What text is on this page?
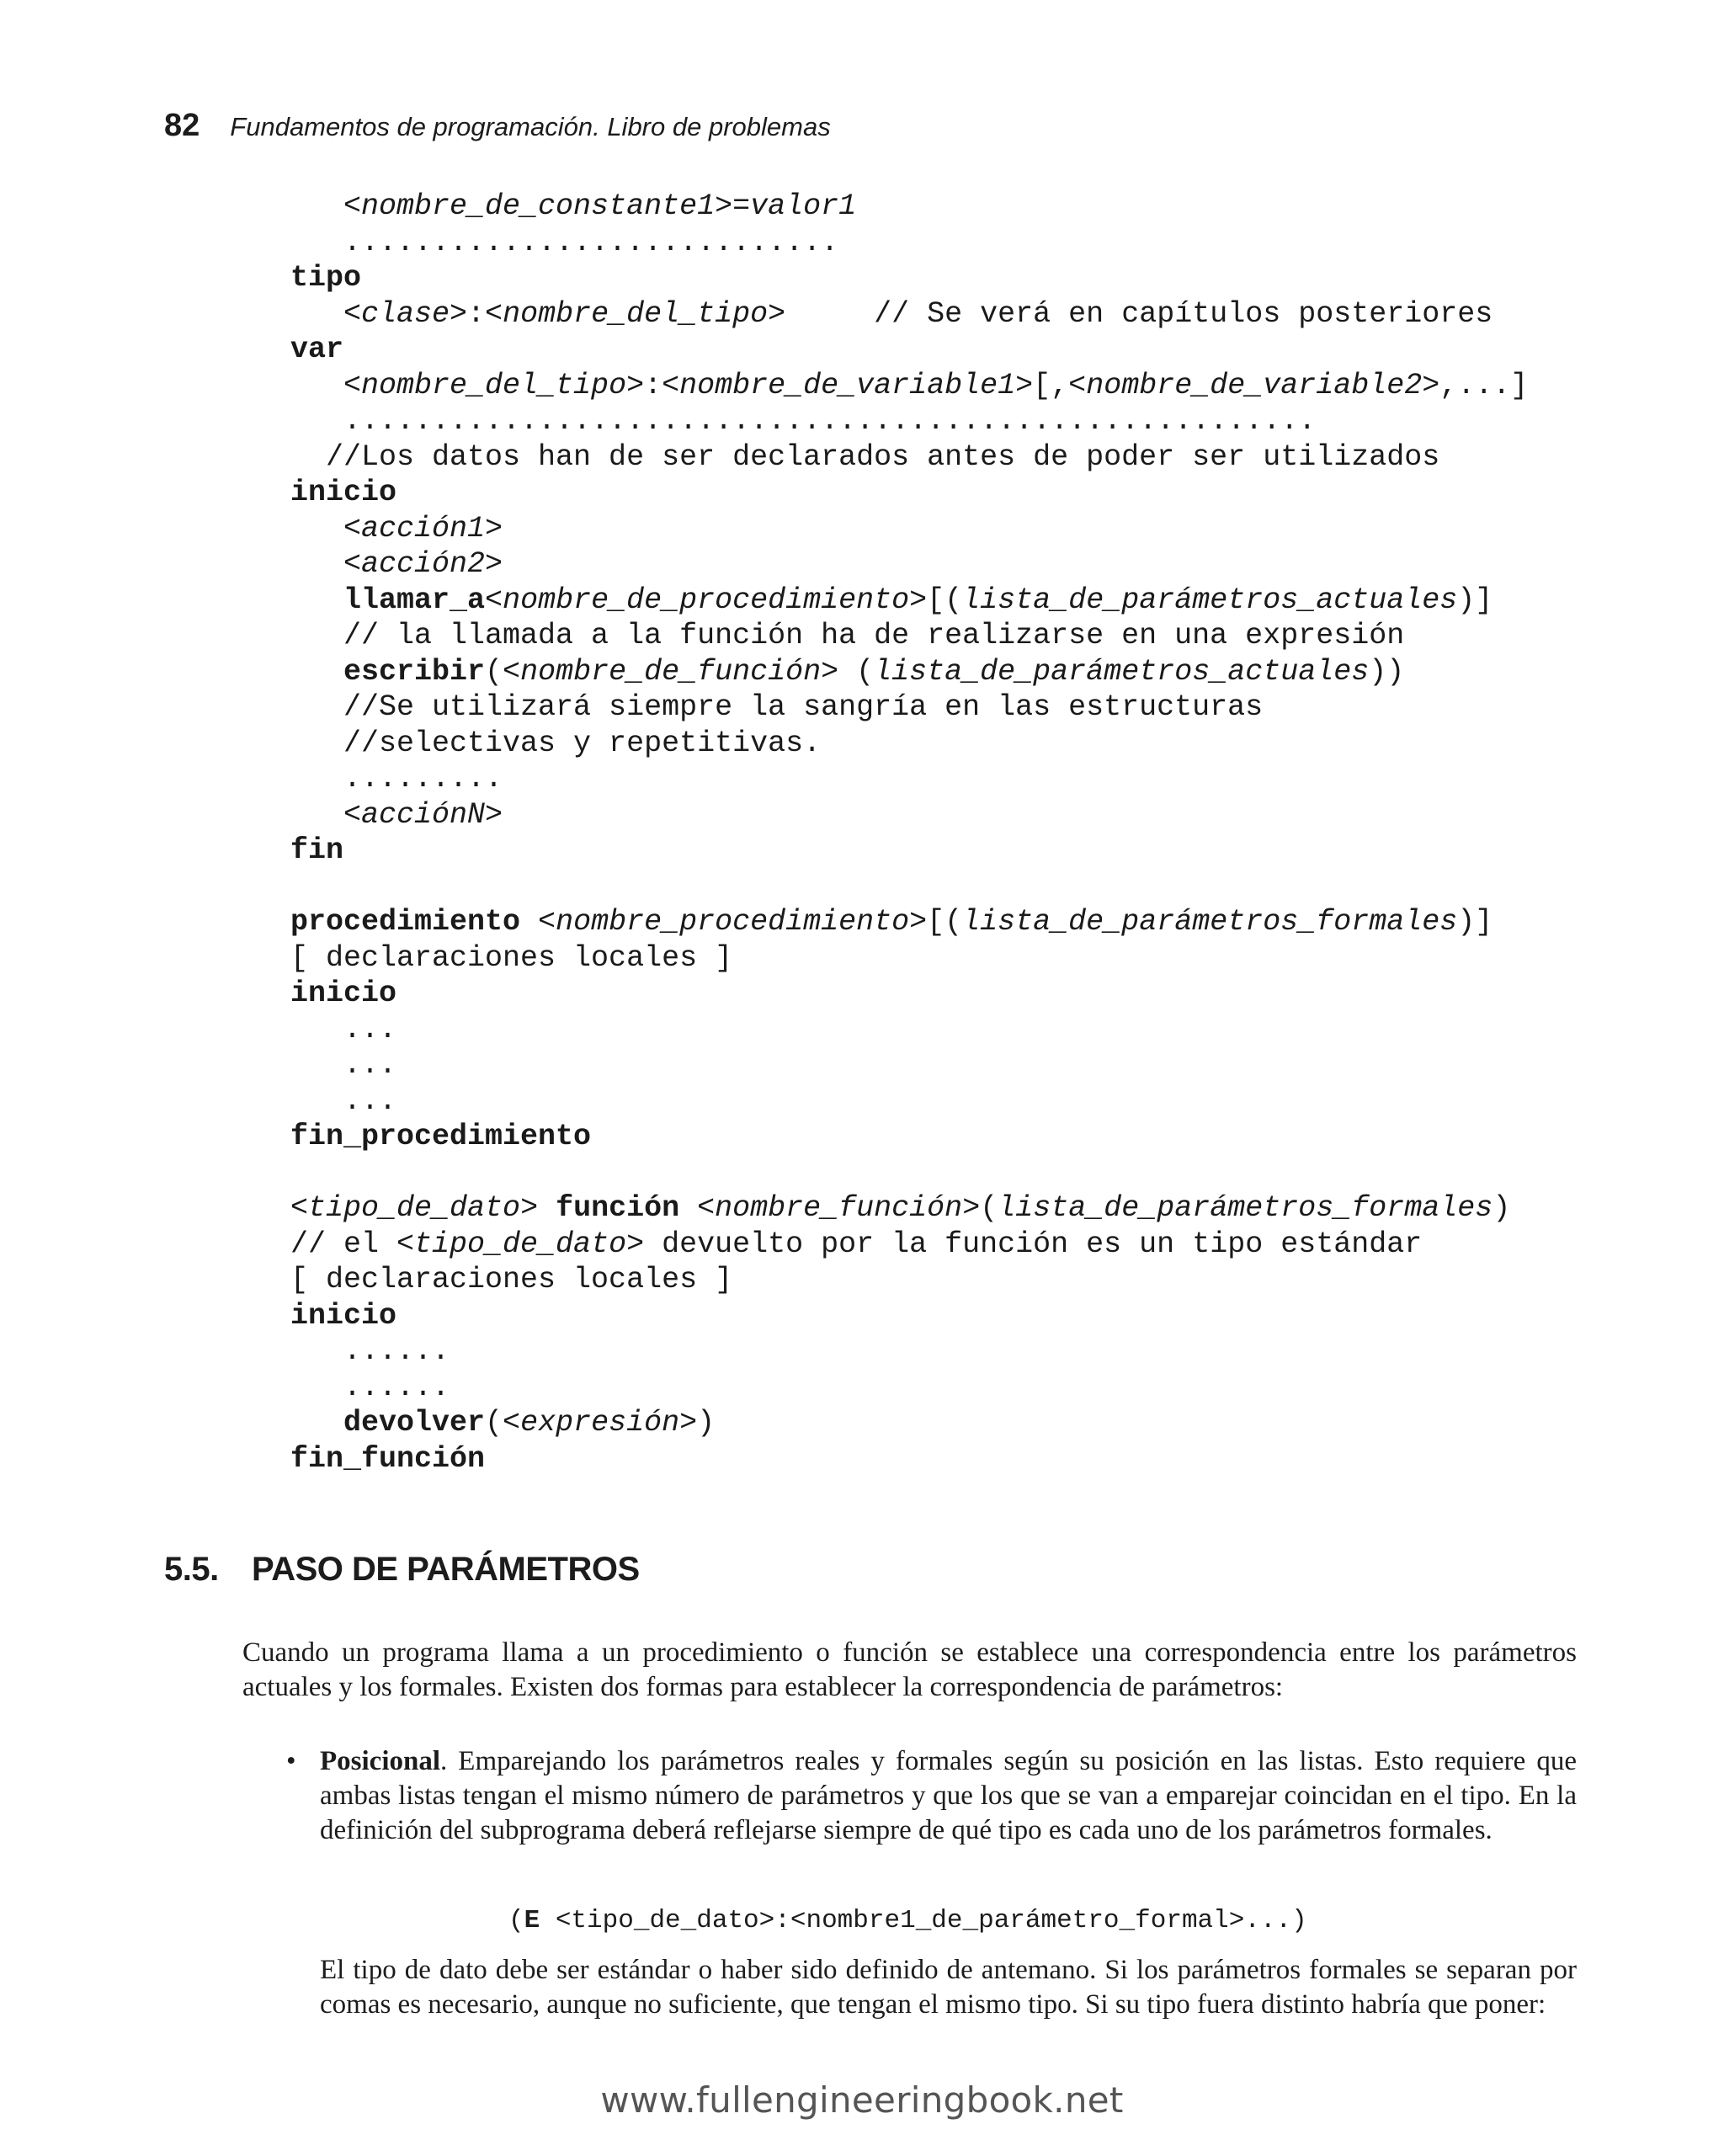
82 Fundamentos de programación. Libro de problemas
<nombre_de_constante1>=valor1
............................
tipo
<clase>:<nombre_del_tipo>     // Se verá en capítulos posteriores
var
<nombre_del_tipo>:<nombre_de_variable1>[,<nombre_de_variable2>,...]
.......................................................
//Los datos han de ser declarados antes de poder ser utilizados
inicio
<acción1>
<acción2>
llamar_a<nombre_de_procedimiento>[(lista_de_parámetros_actuales)]
// la llamada a la función ha de realizarse en una expresión
escribir(<nombre_de_función> (lista_de_parámetros_actuales))
//Se utilizará siempre la sangría en las estructuras
//selectivas y repetitivas.
.........
<acciónN>
fin

procedimiento <nombre_procedimiento>[(lista_de_parámetros_formales)]
[ declaraciones locales ]
inicio
...
...
...
fin_procedimiento

<tipo_de_dato> función <nombre_función>(lista_de_parámetros_formales)
// el <tipo_de_dato> devuelto por la función es un tipo estándar
[ declaraciones locales ]
inicio
......
......
devolver(<expresión>)
fin_función
5.5. PASO DE PARÁMETROS

Cuando un programa llama a un procedimiento o función se establece una correspondencia entre los parámetros actuales y los formales. Existen dos formas para establecer la correspondencia de parámetros:

• Posicional. Emparejando los parámetros reales y formales según su posición en las listas. Esto requiere que ambas listas tengan el mismo número de parámetros y que los que se van a emparejar coincidan en el tipo. En la definición del subprograma deberá reflejarse siempre de qué tipo es cada uno de los parámetros formales.
(E <tipo_de_dato>:<nombre1_de_parámetro_formal>...)

El tipo de dato debe ser estándar o haber sido definido de antemano. Si los parámetros formales se separan por comas es necesario, aunque no suficiente, que tengan el mismo tipo. Si su tipo fuera distinto habría que poner:

www.fullengineeringbook.net
